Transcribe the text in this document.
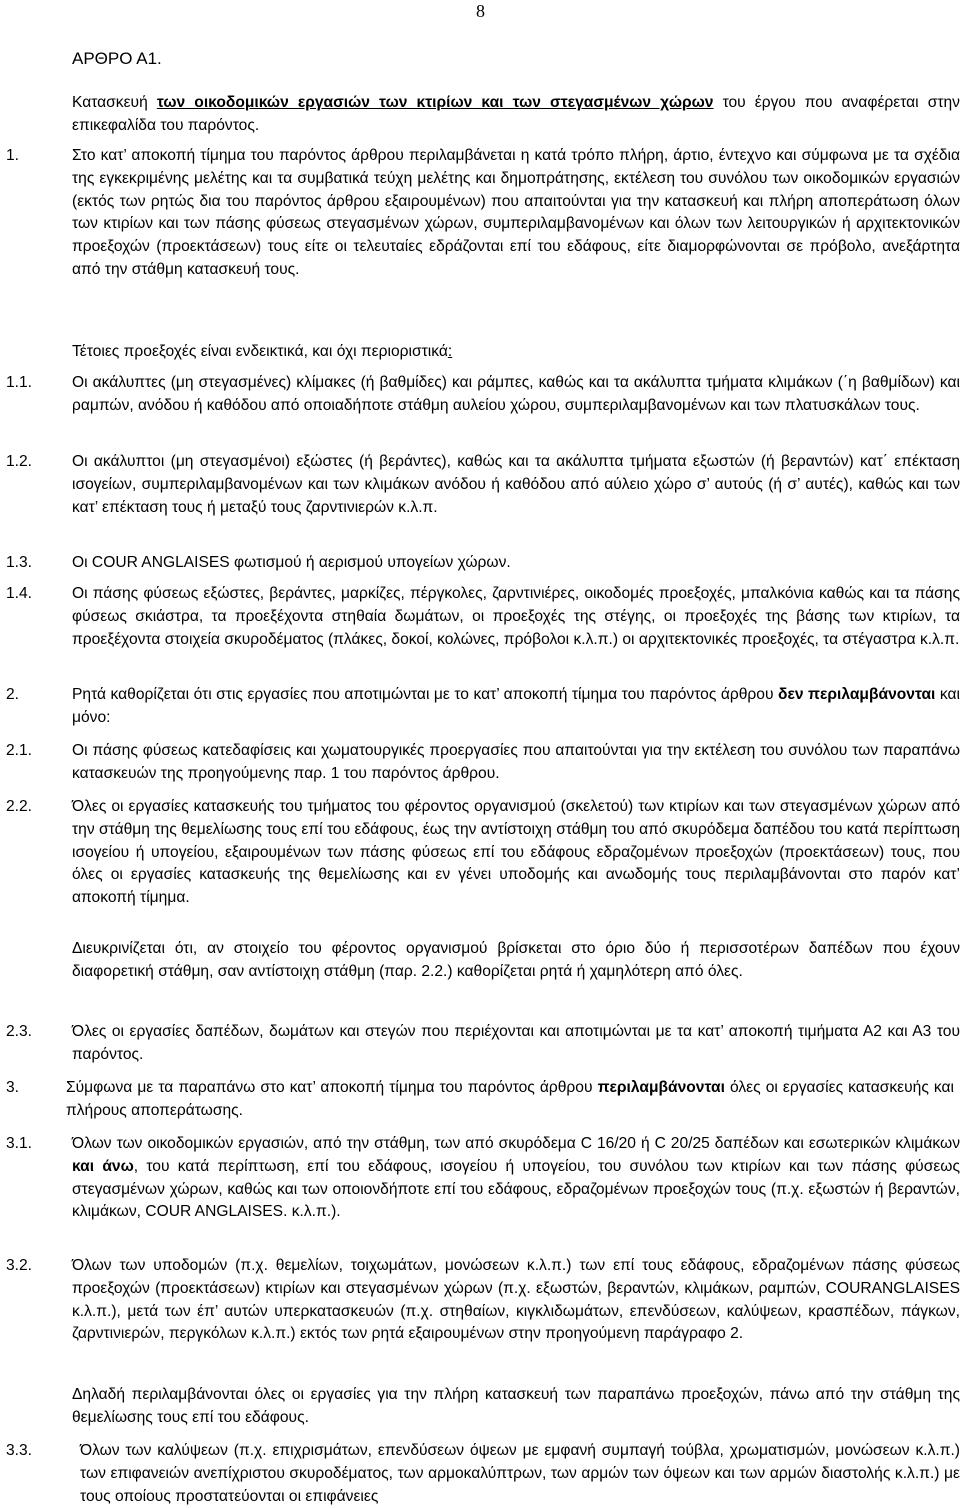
8
ΑΡΘΡΟ Α1.

Κατασκευή των οικοδομικών εργασιών των κτιρίων και των στεγασμένων χώρων του έργου που αναφέρεται στην επικεφαλίδα του παρόντος.

1.	Στο κατ’ αποκοπή τίμημα του παρόντος άρθρου περιλαμβάνεται η κατά τρόπο πλήρη, άρτιο, έντεχνο και σύμφωνα με τα σχέδια της εγκεκριμένης μελέτης και τα συμβατικά τεύχη μελέτης και δημοπράτησης, εκτέλεση του συνόλου των οικοδομικών εργασιών (εκτός των ρητώς δια του παρόντος άρθρου εξαιρουμένων) που απαιτούνται για την κατασκευή και πλήρη αποπεράτωση όλων των κτιρίων και των πάσης φύσεως στεγασμένων χώρων, συμπεριλαμβανομένων και όλων των λειτουργικών ή αρχιτεκτονικών προεξοχών (προεκτάσεων) τους είτε οι τελευταίες εδράζονται επί του εδάφους, είτε διαμορφώνονται σε πρόβολο, ανεξάρτητα από την στάθμη κατασκευή τους.

Τέτοιες προεξοχές είναι ενδεικτικά, και όχι περιοριστικά:

1.1.	Οι ακάλυπτες (μη στεγασμένες) κλίμακες (ή βαθμίδες) και ράμπες, καθώς και τα ακάλυπτα τμήματα κλιμάκων (΄η βαθμίδων) και ραμπών, ανόδου ή καθόδου από οποιαδήποτε στάθμη αυλείου χώρου, συμπεριλαμβανομένων και των πλατυσκάλων τους.

1.2.	Οι ακάλυπτοι (μη στεγασμένοι) εξώστες (ή βεράντες), καθώς και τα ακάλυπτα τμήματα εξωστών (ή βεραντών) κατ΄ επέκταση ισογείων, συμπεριλαμβανομένων και των κλιμάκων ανόδου ή καθόδου από αύλειο χώρο σ’ αυτούς (ή σ’ αυτές), καθώς και των κατ’ επέκταση τους ή μεταξύ τους ζαρντινιερών κ.λ.π.

1.3.	Οι COUR ANGLAISES φωτισμού ή αερισμού υπογείων χώρων.

1.4.	Οι πάσης φύσεως εξώστες, βεράντες, μαρκίζες, πέργκολες, ζαρντινιέρες, οικοδομές προεξοχές, μπαλκόνια καθώς και τα πάσης φύσεως σκιάστρα, τα προεξέχοντα στηθαία δωμάτων, οι προεξοχές της στέγης, οι προεξοχές της βάσης των κτιρίων, τα προεξέχοντα στοιχεία σκυροδέματος (πλάκες, δοκοί, κολώνες, πρόβολοι κ.λ.π.) οι αρχιτεκτονικές προεξοχές, τα στέγαστρα κ.λ.π.

2.	Ρητά καθορίζεται ότι στις εργασίες που αποτιμώνται με το κατ’ αποκοπή τίμημα του παρόντος άρθρου δεν περιλαμβάνονται και μόνο:

2.1.	Οι πάσης φύσεως κατεδαφίσεις και χωματουργικές προεργασίες που απαιτούνται για την εκτέλεση του συνόλου των παραπάνω κατασκευών της προηγούμενης παρ. 1 του παρόντος άρθρου.

2.2.	Όλες οι εργασίες κατασκευής του τμήματος του φέροντος οργανισμού (σκελετού) των κτιρίων και των στεγασμένων χώρων από την στάθμη της θεμελίωσης τους επί του εδάφους, έως την αντίστοιχη στάθμη του από σκυρόδεμα δαπέδου του κατά περίπτωση ισογείου ή υπογείου, εξαιρουμένων των πάσης φύσεως επί του εδάφους εδραζομένων προεξοχών (προεκτάσεων) τους, που όλες οι εργασίες κατασκευής της θεμελίωσης και εν γένει υποδομής και ανωδομής τους περιλαμβάνονται στο παρόν κατ’ αποκοπή τίμημα.

Διευκρινίζεται ότι, αν στοιχείο του φέροντος οργανισμού βρίσκεται στο όριο δύο ή περισσοτέρων δαπέδων που έχουν διαφορετική στάθμη, σαν αντίστοιχη στάθμη (παρ. 2.2.) καθορίζεται ρητά ή χαμηλότερη από όλες.

2.3.	Όλες οι εργασίες δαπέδων, δωμάτων και στεγών που περιέχονται και αποτιμώνται με τα κατ’ αποκοπή τιμήματα Α2 και Α3 του παρόντος.

3.	Σύμφωνα με τα παραπάνω στο κατ’ αποκοπή τίμημα του παρόντος άρθρου περιλαμβάνονται όλες οι εργασίες κατασκευής και πλήρους αποπεράτωσης.

3.1.	Όλων των οικοδομικών εργασιών, από την στάθμη, των από σκυρόδεμα C 16/20 ή C 20/25 δαπέδων και εσωτερικών κλιμάκων και άνω, του κατά περίπτωση, επί του εδάφους, ισογείου ή υπογείου, του συνόλου των κτιρίων και των πάσης φύσεως στεγασμένων χώρων, καθώς και των οποιονδήποτε επί του εδάφους, εδραζομένων προεξοχών τους (π.χ. εξωστών ή βεραντών, κλιμάκων, COUR ANGLAISES. κ.λ.π.).

3.2.	Όλων των υποδομών (π.χ. θεμελίων, τοιχωμάτων, μονώσεων κ.λ.π.) των επί τους εδάφους, εδραζομένων πάσης φύσεως προεξοχών (προεκτάσεων) κτιρίων και στεγασμένων χώρων (π.χ. εξωστών, βεραντών, κλιμάκων, ραμπών, COURANGLAISES κ.λ.π.), μετά των έπ’ αυτών υπερκατασκευών (π.χ. στηθαίων, κιγκλιδωμάτων, επενδύσεων, καλύψεων, κρασπέδων, πάγκων, ζαρντινιερών, περγκόλων κ.λ.π.) εκτός των ρητά εξαιρουμένων στην προηγούμενη παράγραφο 2.

Δηλαδή περιλαμβάνονται όλες οι εργασίες για την πλήρη κατασκευή των παραπάνω προεξοχών, πάνω από την στάθμη της θεμελίωσης τους επί του εδάφους.

3.3.	Όλων των καλύψεων (π.χ. επιχρισμάτων, επενδύσεων όψεων με εμφανή συμπαγή τούβλα, χρωματισμών, μονώσεων κ.λ.π.) των επιφανειών ανεπίχριστου σκυροδέματος, των αρμοκαλύπτρων, των αρμών των όψεων και των αρμών διαστολής κ.λ.π.) με τους οποίους προστατεύονται οι επιφάνειες
